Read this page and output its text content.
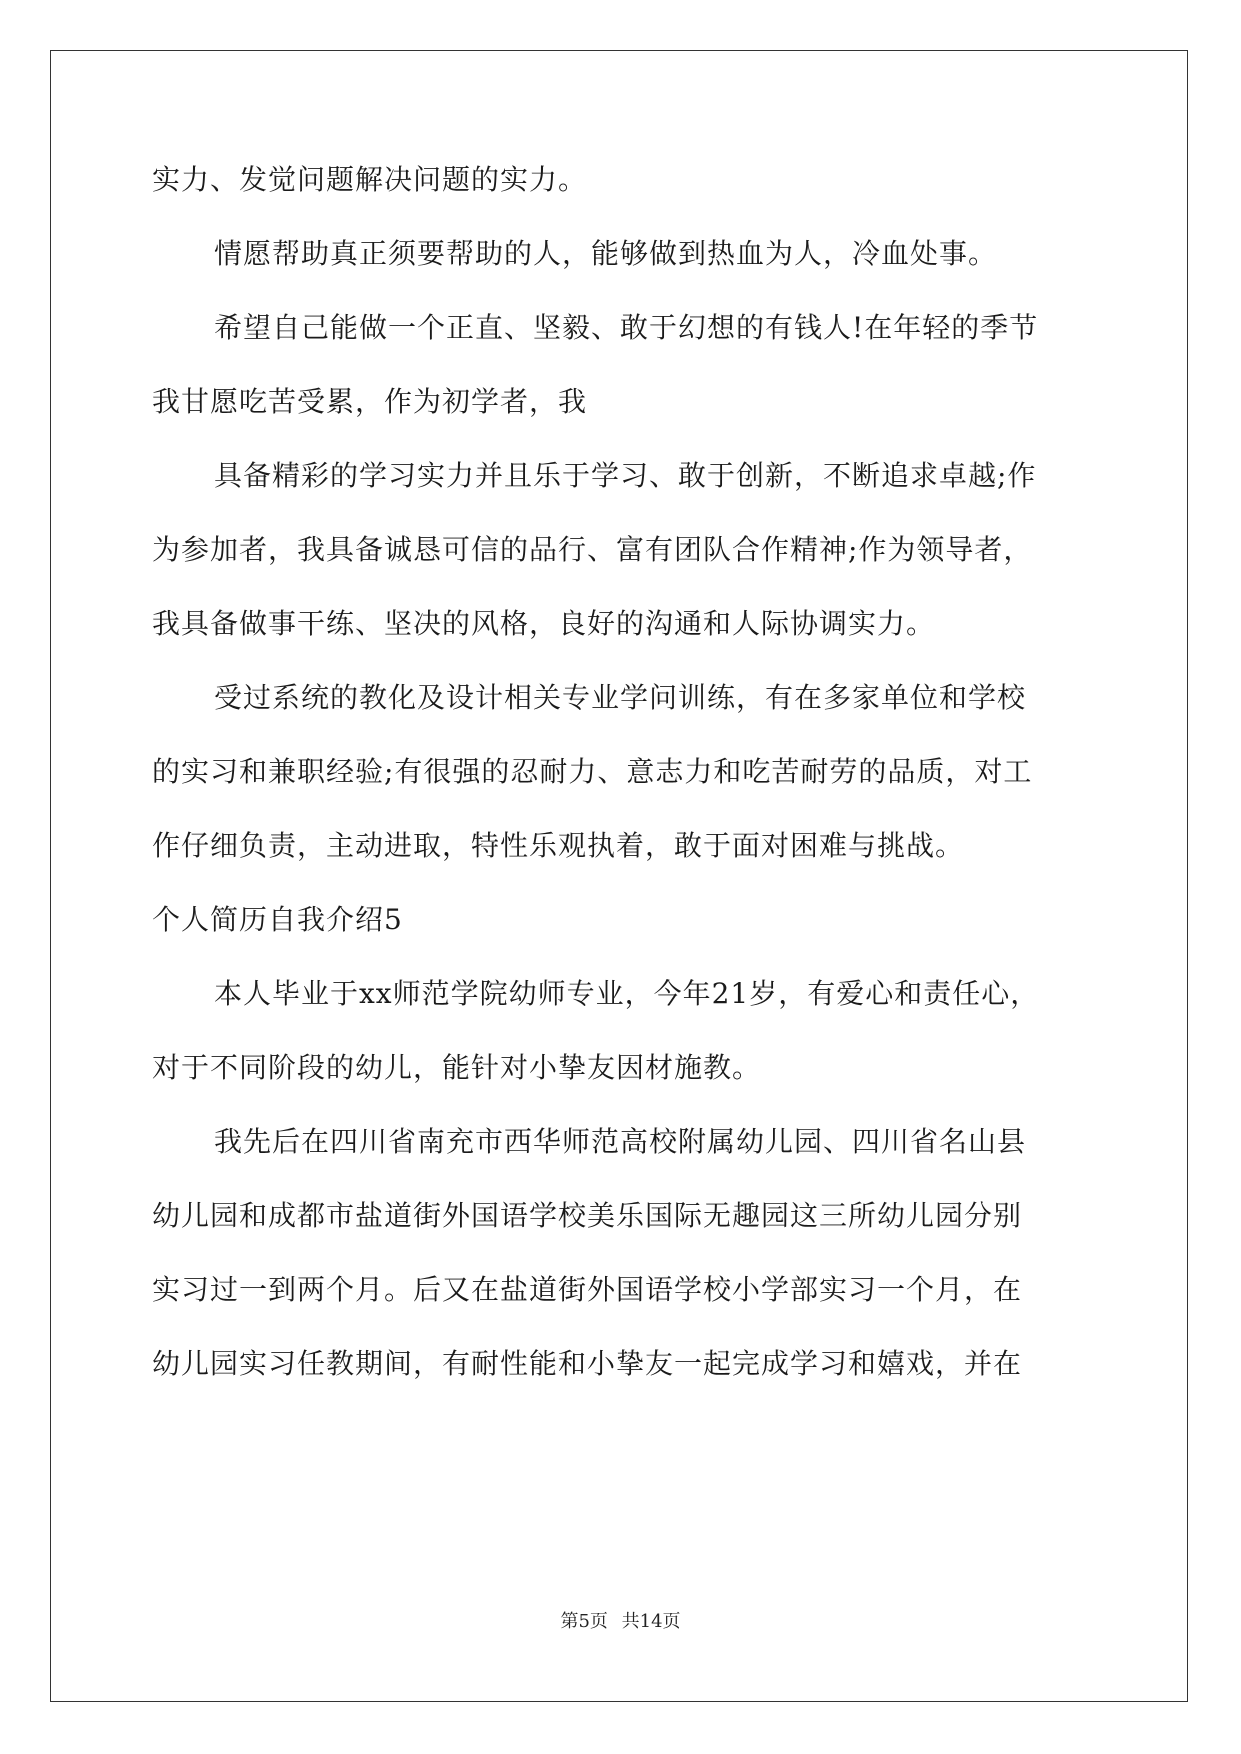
实力、发觉问题解决问题的实力。
情愿帮助真正须要帮助的人，能够做到热血为人，冷血处事。
希望自己能做一个正直、坚毅、敢于幻想的有钱人!在年轻的季节
我甘愿吃苦受累，作为初学者，我
具备精彩的学习实力并且乐于学习、敢于创新，不断追求卓越;作
为参加者，我具备诚恳可信的品行、富有团队合作精神;作为领导者，
我具备做事干练、坚决的风格，良好的沟通和人际协调实力。
受过系统的教化及设计相关专业学问训练，有在多家单位和学校
的实习和兼职经验;有很强的忍耐力、意志力和吃苦耐劳的品质，对工
作仔细负责，主动进取，特性乐观执着，敢于面对困难与挑战。
个人简历自我介绍5
本人毕业于xx师范学院幼师专业，今年21岁，有爱心和责任心，
对于不同阶段的幼儿，能针对小挚友因材施教。
我先后在四川省南充市西华师范高校附属幼儿园、四川省名山县
幼儿园和成都市盐道街外国语学校美乐国际无趣园这三所幼儿园分别
实习过一到两个月。后又在盐道街外国语学校小学部实习一个月，在
幼儿园实习任教期间，有耐性能和小挚友一起完成学习和嬉戏，并在
第5页 共14页
